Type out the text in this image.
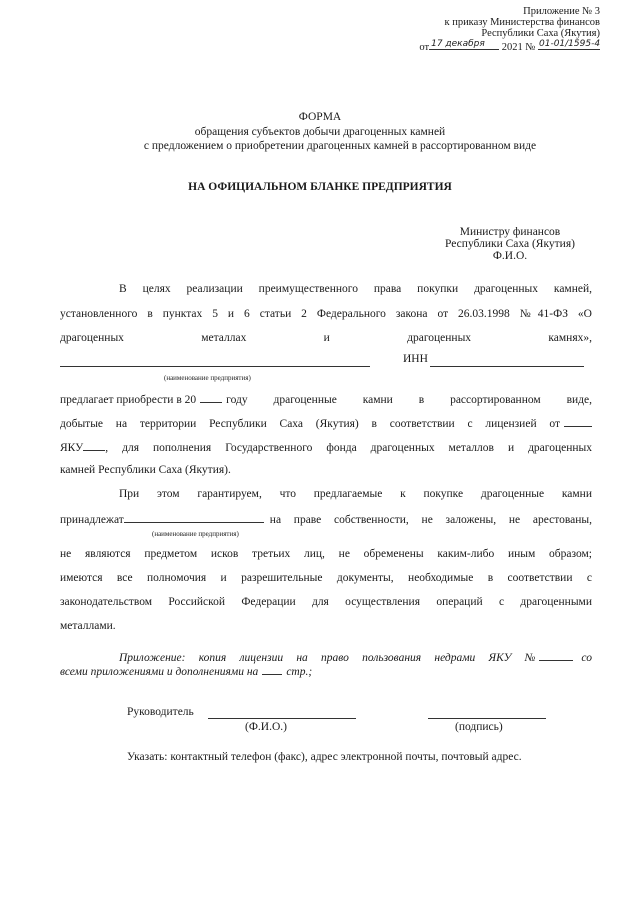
Приложение № 3
к приказу Министерства финансов
Республики Саха (Якутия)
от 17 декабря 2021 № 01-01/1595-4
ФОРМА
обращения субъектов добычи драгоценных камней
с предложением о приобретении драгоценных камней в рассортированном виде
НА ОФИЦИАЛЬНОМ БЛАНКЕ ПРЕДПРИЯТИЯ
Министру финансов
Республики Саха (Якутия)
Ф.И.О.
В целях реализации преимущественного права покупки драгоценных камней,
установленного в пунктах 5 и 6 статьи 2 Федерального закона от 26.03.1998 №41-ФЗ «О
драгоценных	металлах	и	драгоценных	камнях»,
ИНН
(наименование предприятия)
предлагает приобрести в 20	году драгоценные камни в рассортированном виде,
добытые на территории Республики Саха (Якутия) в соответствии с лицензией от
ЯКУ , для пополнения Государственного фонда драгоценных металлов и драгоценных
камней Республики Саха (Якутия).
При этом гарантируем, что предлагаемые к покупке драгоценные камни
принадлежат	на праве собственности, не заложены, не арестованы,
(наименование предприятия)
не являются предметом исков третьих лиц, не обременены каким-либо иным образом;
имеются все полномочия и разрешительные документы, необходимые в соответствии с
законодательством Российской Федерации для осуществления операций с драгоценными
металлами.
Приложение: копия лицензии на право пользования недрами ЯКУ №	со
всеми приложениями и дополнениями на стр.;
Руководитель
(Ф.И.О.)	(подпись)
Указать: контактный телефон (факс), адрес электронной почты, почтовый адрес.
